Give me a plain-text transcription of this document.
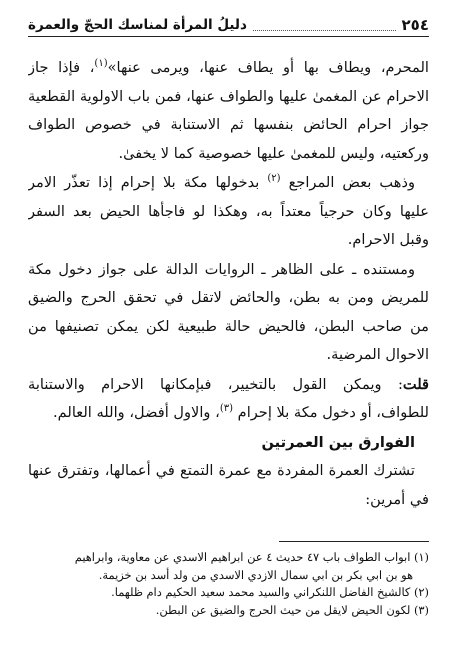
٢٥٤
دليلُ المرأة لمناسك الحجّ والعمرة
المحرم، ويطاف بها أو يطاف عنها، ويرمى عنها»$^{(١)}$، فإذا جاز
الاحرام عن المغمىٰ عليها والطواف عنها، فمن باب الاولوية القطعية
جواز احرام الحائض بنفسها ثم الاستنابة في خصوص الطواف
وركعتيه، وليس للمغمىٰ عليها خصوصية كما لا يخفىٰ.
وذهب بعض المراجع $^{(٢)}$ بدخولها مكة بلا إحرام إذا تعذّر الامر
عليها وكان حرجياً معتداً به، وهكذا لو فاجأها الحيض بعد السفر
وقبل الاحرام.
ومستنده ـ على الظاهر ـ الروايات الدالة على جواز دخول مكة
للمريض ومن به بطن، والحائض لاتقل في تحقق الحرج والضيق
من صاحب البطن، فالحيض حالة طبيعية لكن يمكن تصنيفها من
الاحوال المرضية.
قلت: ويمكن القول بالتخيير، فبإمكانها الاحرام والاستنابة
للطواف، أو دخول مكة بلا إحرام $^{(٣)}$، والاول أفضل، والله العالم.
الفوارق بين العمرتين
تشترك العمرة المفردة مع عمرة التمتع في أعمالها، وتفترق عنها
في أمرين:
(١) ابواب الطواف باب ٤٧ حديث ٤ عن ابراهيم الاسدي عن معاوية، وابراهيم
هو بن ابي بكر بن ابي سمال الازدي الاسدي من ولد أسد بن خزيمة.
(٢) كالشيخ الفاضل اللنكراني والسيد محمد سعيد الحكيم دام ظلهما.
(٣) لكون الحيض لايقل من حيث الحرج والضيق عن البطن.
